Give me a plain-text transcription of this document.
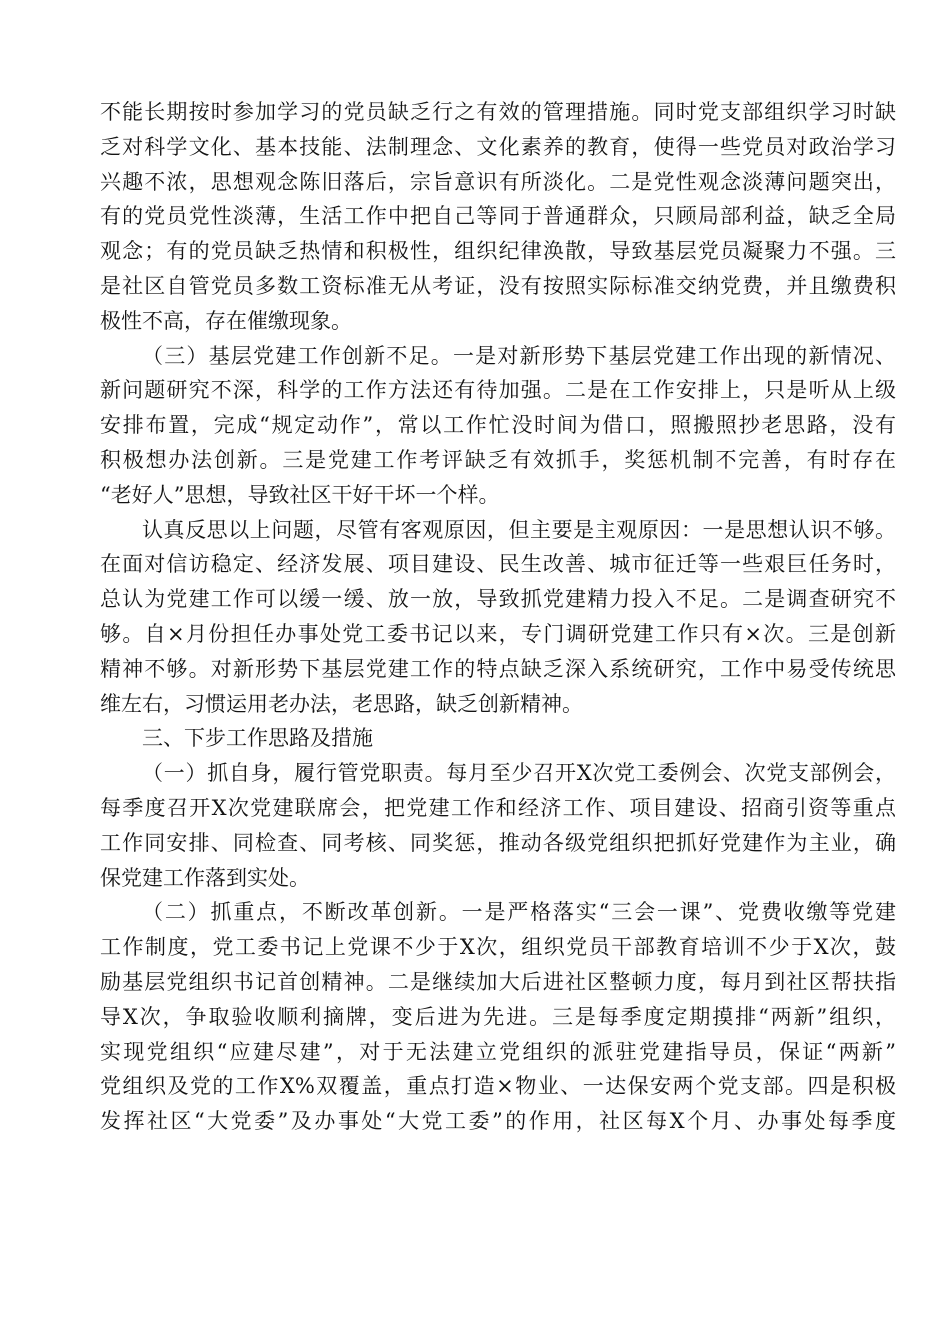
不能长期按时参加学习的党员缺乏行之有效的管理措施。同时党支部组织学习时缺
乏对科学文化、基本技能、法制理念、文化素养的教育，使得一些党员对政治学习
兴趣不浓，思想观念陈旧落后，宗旨意识有所淡化。二是党性观念淡薄问题突出，
有的党员党性淡薄，生活工作中把自己等同于普通群众，只顾局部利益，缺乏全局
观念；有的党员缺乏热情和积极性，组织纪律涣散，导致基层党员凝聚力不强。三
是社区自管党员多数工资标准无从考证，没有按照实际标准交纳党费，并且缴费积
极性不高，存在催缴现象。
（三）基层党建工作创新不足。一是对新形势下基层党建工作出现的新情况、
新问题研究不深，科学的工作方法还有待加强。二是在工作安排上，只是听从上级
安排布置，完成“规定动作”，常以工作忙没时间为借口，照搬照抄老思路，没有
积极想办法创新。三是党建工作考评缺乏有效抓手，奖惩机制不完善，有时存在
“老好人”思想，导致社区干好干坏一个样。
认真反思以上问题，尽管有客观原因，但主要是主观原因：一是思想认识不够。
在面对信访稳定、经济发展、项目建设、民生改善、城市征迁等一些艰巨任务时，
总认为党建工作可以缓一缓、放一放，导致抓党建精力投入不足。二是调查研究不
够。自×月份担任办事处党工委书记以来，专门调研党建工作只有×次。三是创新
精神不够。对新形势下基层党建工作的特点缺乏深入系统研究，工作中易受传统思
维左右，习惯运用老办法，老思路，缺乏创新精神。
三、下步工作思路及措施
（一）抓自身，履行管党职责。每月至少召开X次党工委例会、次党支部例会，
每季度召开X次党建联席会，把党建工作和经济工作、项目建设、招商引资等重点
工作同安排、同检查、同考核、同奖惩，推动各级党组织把抓好党建作为主业，确
保党建工作落到实处。
（二）抓重点，不断改革创新。一是严格落实“三会一课”、党费收缴等党建
工作制度，党工委书记上党课不少于X次，组织党员干部教育培训不少于X次，鼓
励基层党组织书记首创精神。二是继续加大后进社区整顿力度，每月到社区帮扶指
导X次，争取验收顺利摘牌，变后进为先进。三是每季度定期摸排“两新”组织，
实现党组织“应建尽建”，对于无法建立党组织的派驻党建指导员，保证“两新”
党组织及党的工作X%双覆盖，重点打造×物业、一达保安两个党支部。四是积极
发挥社区“大党委”及办事处“大党工委”的作用，社区每X个月、办事处每季度
